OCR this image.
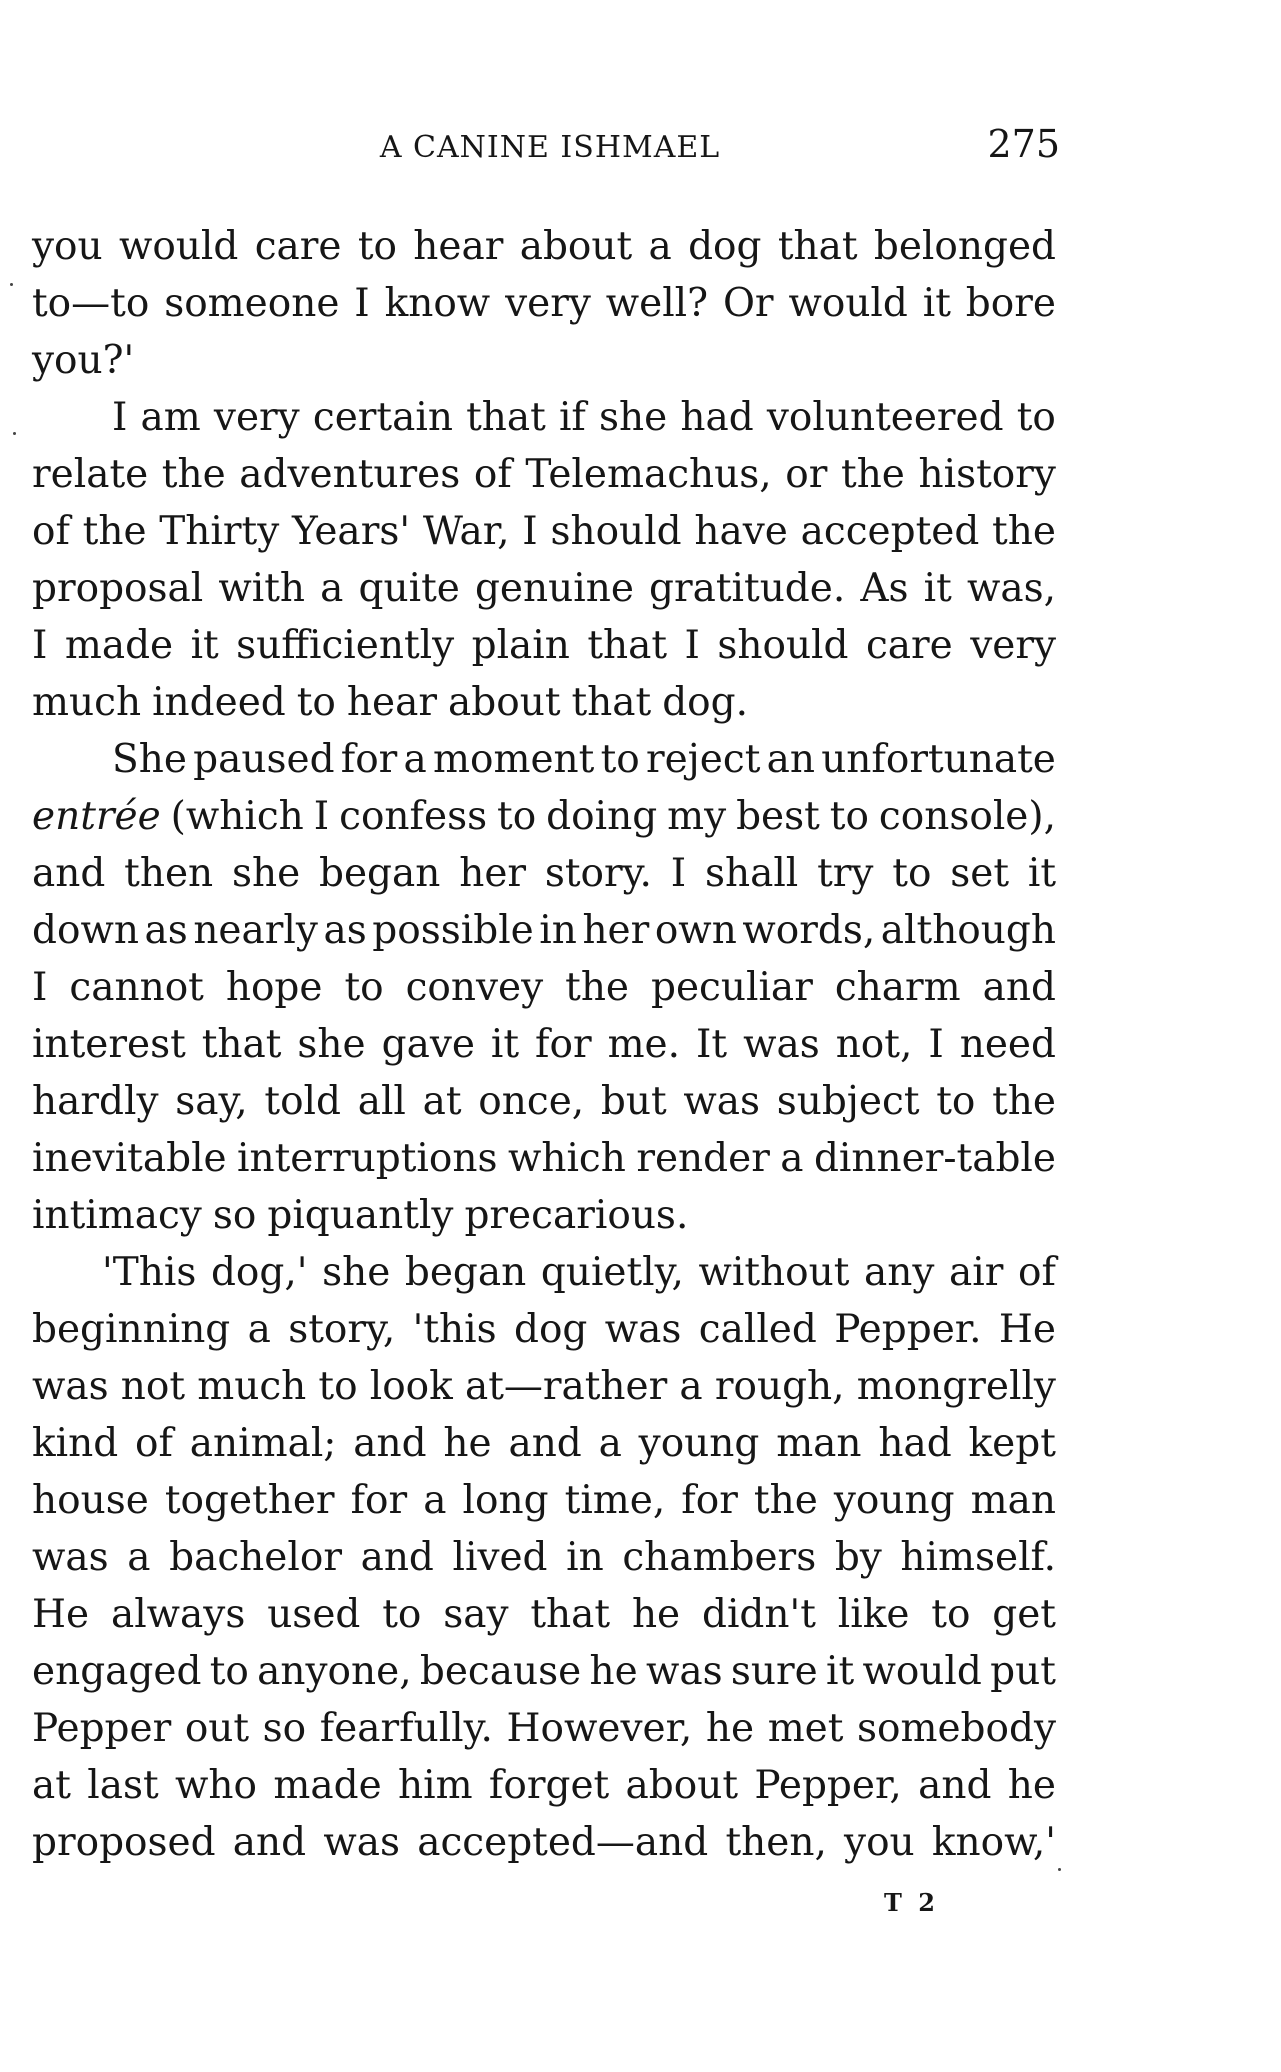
A CANINE ISHMAEL	275
you would care to hear about a dog that belonged
to—to someone I know very well? Or would it bore
you?'
I am very certain that if she had volunteered to
relate the adventures of Telemachus, or the history
of the Thirty Years' War, I should have accepted the
proposal with a quite genuine gratitude. As it was,
I made it sufficiently plain that I should care very
much indeed to hear about that dog.
She paused for a moment to reject an unfortunate
entrée (which I confess to doing my best to console),
and then she began her story. I shall try to set it
down as nearly as possible in her own words, although
I cannot hope to convey the peculiar charm and
interest that she gave it for me. It was not, I need
hardly say, told all at once, but was subject to the
inevitable interruptions which render a dinner-table
intimacy so piquantly precarious.
'This dog,' she began quietly, without any air of
beginning a story, 'this dog was called Pepper. He
was not much to look at—rather a rough, mongrelly
kind of animal; and he and a young man had kept
house together for a long time, for the young man
was a bachelor and lived in chambers by himself.
He always used to say that he didn't like to get
engaged to anyone, because he was sure it would put
Pepper out so fearfully. However, he met somebody
at last who made him forget about Pepper, and he
proposed and was accepted—and then, you know,'
T 2
